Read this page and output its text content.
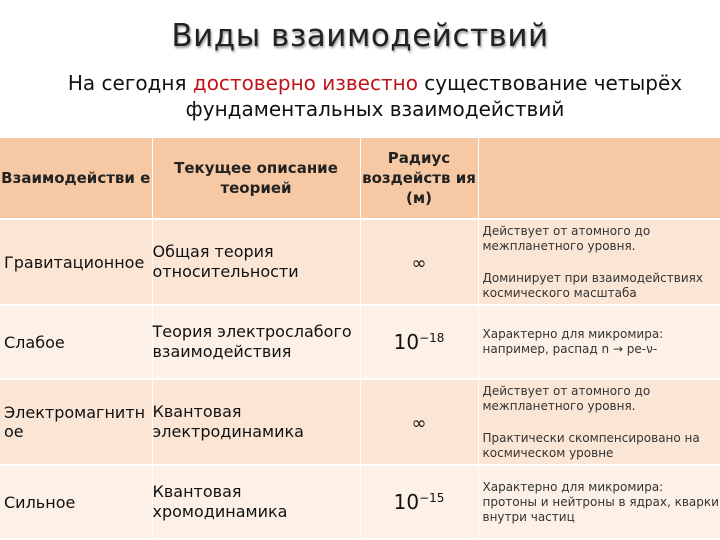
Виды взаимодействий
На сегодня достоверно известно существование четырёх фундаментальных взаимодействий
Взаимодействи е	Текущее описание теорией	Радиус воздейств ия (м)	
Гравитационное	Общая теория относительности	∞	Действует от атомного до межпланетного уровня.
Доминирует при взаимодействиях космического масштаба

Слабое	Теория электрослабого взаимодействия	$10^{-18}$	Характерно для микромира: например, распад n → pe-ν-

Электромагнитн ое	Квантовая электродинамика	∞	Действует от атомного до межпланетного уровня.
Практически скомпенсировано на космическом уровне

Сильное	Квантовая хромодинамика	$10^{-15}$	Характерно для микромира: протоны и нейтроны в ядрах, кварки внутри частиц
